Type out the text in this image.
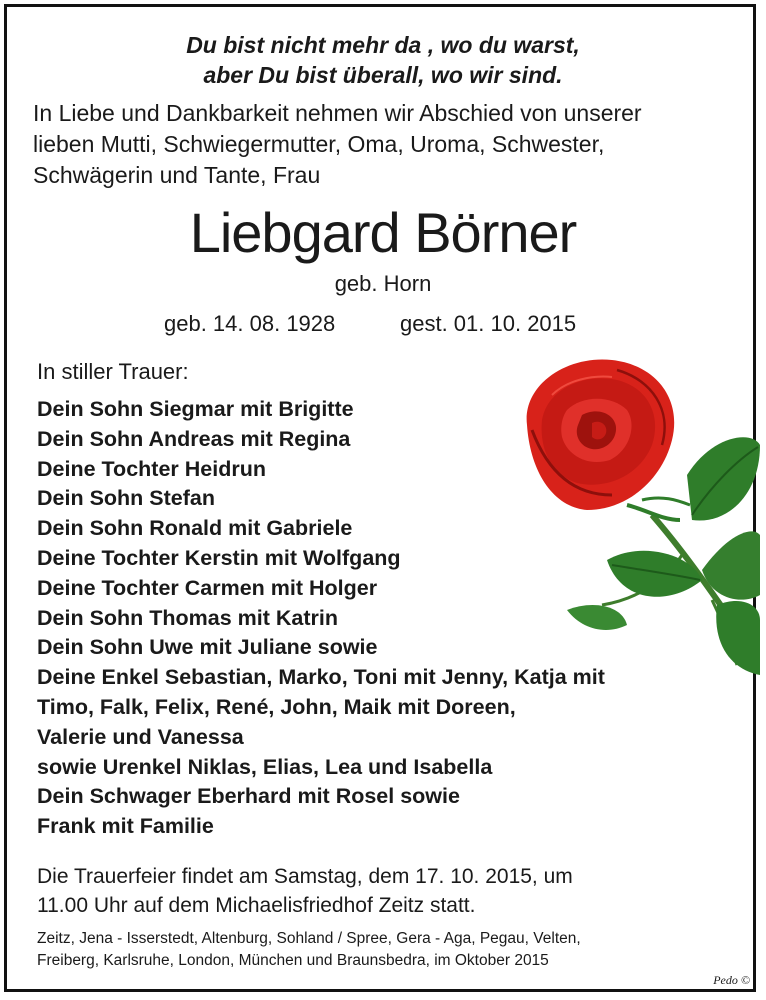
Du bist nicht mehr da , wo du warst,
aber Du bist überall, wo wir sind.
In Liebe und Dankbarkeit nehmen wir Abschied von unserer
lieben Mutti, Schwiegermutter, Oma, Uroma, Schwester,
Schwägerin und Tante, Frau
Liebgard Börner
geb. Horn
geb. 14. 08. 1928	gest. 01. 10. 2015
In stiller Trauer:
Dein Sohn Siegmar mit Brigitte
Dein Sohn Andreas mit Regina
Deine Tochter Heidrun
Dein Sohn Stefan
Dein Sohn Ronald mit Gabriele
Deine Tochter Kerstin mit Wolfgang
Deine Tochter Carmen mit Holger
Dein Sohn Thomas mit Katrin
Dein Sohn Uwe mit Juliane sowie
Deine Enkel Sebastian, Marko, Toni mit Jenny, Katja mit
Timo, Falk, Felix, René, John, Maik mit Doreen,
Valerie und Vanessa
sowie Urenkel Niklas, Elias, Lea und Isabella
Dein Schwager Eberhard mit Rosel sowie
Frank mit Familie
Die Trauerfeier findet am Samstag, dem 17. 10. 2015, um
11.00 Uhr auf dem Michaelisfriedhof Zeitz statt.
Zeitz, Jena - Isserstedt, Altenburg, Sohland / Spree, Gera - Aga, Pegau, Velten,
Freiberg, Karlsruhe, London, München und Braunsbedra, im Oktober 2015
Pedo ©
